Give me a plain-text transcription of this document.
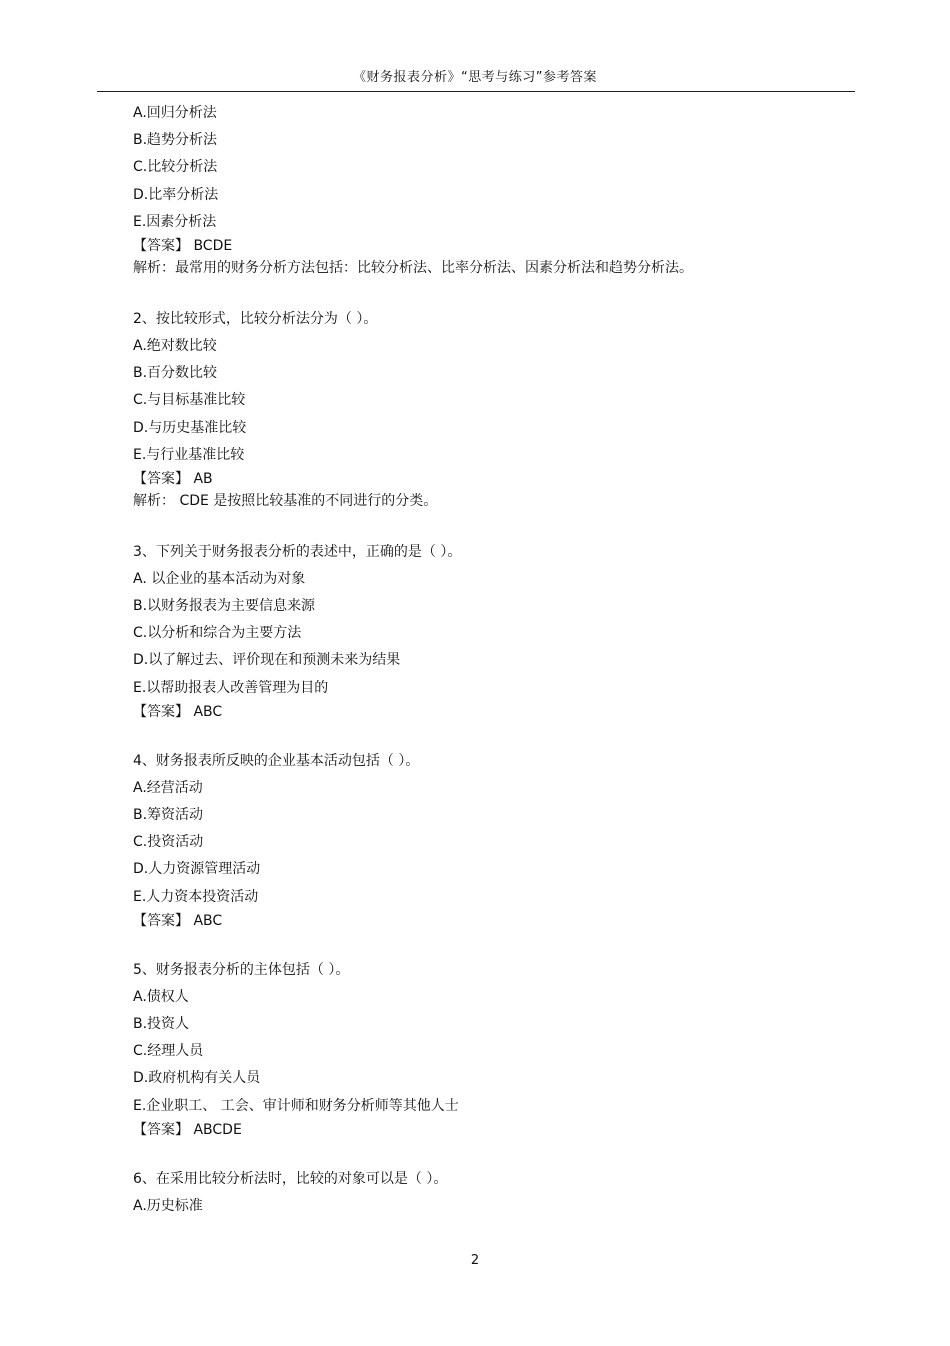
《财务报表分析》“思考与练习”参考答案
A.回归分析法
B.趋势分析法
C.比较分析法
D.比率分析法
E.因素分析法
【答案】 BCDE
解析：最常用的财务分析方法包括：比较分析法、比率分析法、因素分析法和趋势分析法。
2、按比较形式，比较分析法分为（ ）。
A.绝对数比较
B.百分数比较
C.与目标基准比较
D.与历史基准比较
E.与行业基准比较
【答案】 AB
解析： CDE 是按照比较基准的不同进行的分类。
3、下列关于财务报表分析的表述中，正确的是（ ）。
A. 以企业的基本活动为对象
B.以财务报表为主要信息来源
C.以分析和综合为主要方法
D.以了解过去、评价现在和预测未来为结果
E.以帮助报表人改善管理为目的
【答案】 ABC
4、财务报表所反映的企业基本活动包括（ ）。
A.经营活动
B.筹资活动
C.投资活动
D.人力资源管理活动
E.人力资本投资活动
【答案】 ABC
5、财务报表分析的主体包括（ ）。
A.债权人
B.投资人
C.经理人员
D.政府机构有关人员
E.企业职工、 工会、审计师和财务分析师等其他人士
【答案】 ABCDE
6、在采用比较分析法时，比较的对象可以是（ ）。
A.历史标准
2
